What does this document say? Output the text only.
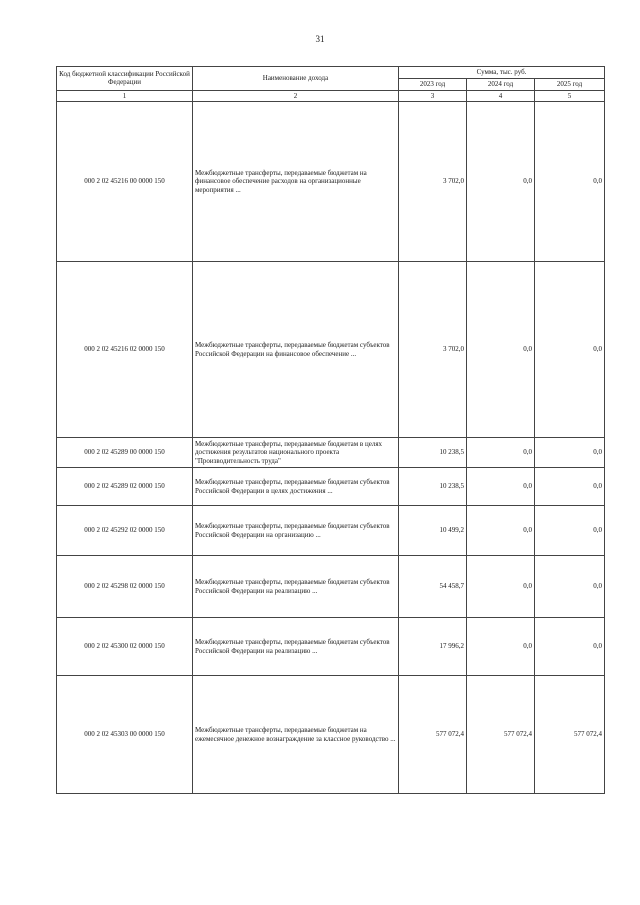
31
Код бюджетной классификации Российской Федерации	Наименование дохода	Сумма, тыс. руб.		
		2023 год	2024 год	2025 год
1	2	3	4	5
000 2 02 45216 00 0000 150	Межбюджетные трансферты, передаваемые бюджетам на финансовое обеспечение расходов на организационные мероприятия ...	3 702,0	0,0	0,0
000 2 02 45216 02 0000 150	Межбюджетные трансферты, передаваемые бюджетам субъектов Российской Федерации на финансовое обеспечение ...	3 702,0	0,0	0,0
000 2 02 45289 00 0000 150	Межбюджетные трансферты, передаваемые бюджетам в целях достижения результатов национального проекта "Производительность труда"	10 238,5	0,0	0,0
000 2 02 45289 02 0000 150	Межбюджетные трансферты, передаваемые бюджетам субъектов Российской Федерации в целях достижения ...	10 238,5	0,0	0,0
000 2 02 45292 02 0000 150	Межбюджетные трансферты, передаваемые бюджетам субъектов Российской Федерации на организацию ...	10 499,2	0,0	0,0
000 2 02 45298 02 0000 150	Межбюджетные трансферты, передаваемые бюджетам субъектов Российской Федерации на реализацию ...	54 458,7	0,0	0,0
000 2 02 45300 02 0000 150	Межбюджетные трансферты, передаваемые бюджетам субъектов Российской Федерации на реализацию ...	17 996,2	0,0	0,0
000 2 02 45303 00 0000 150	Межбюджетные трансферты, передаваемые бюджетам на ежемесячное денежное вознаграждение за классное руководство ...	577 072,4	577 072,4	577 072,4
